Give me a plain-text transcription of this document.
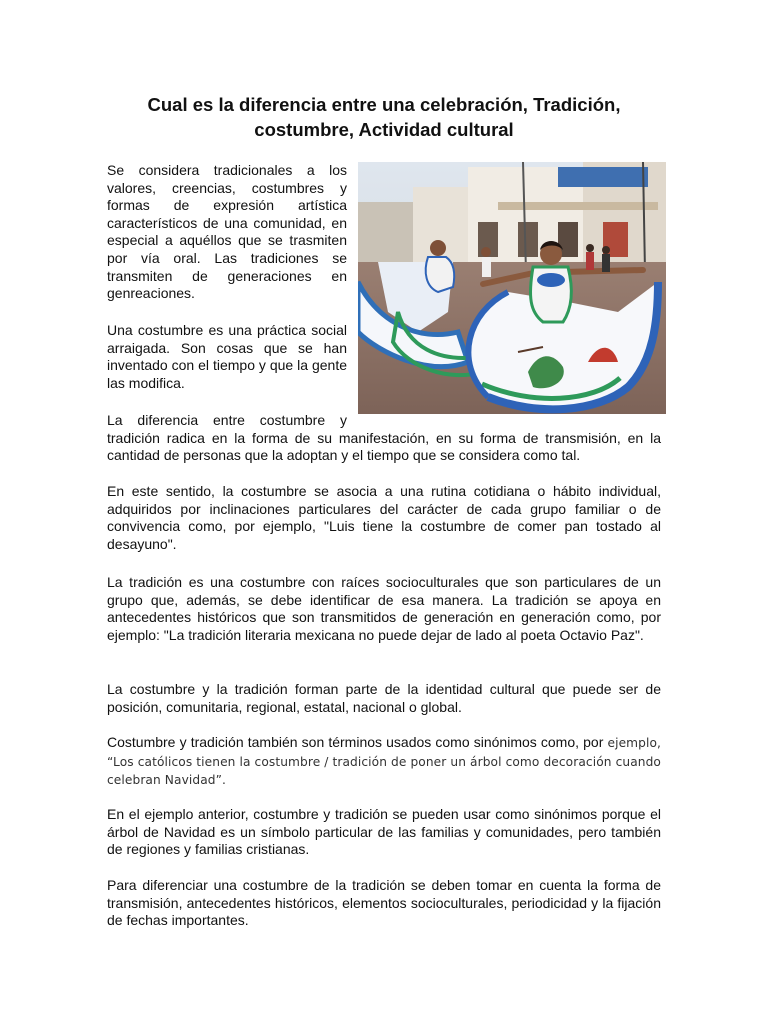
Cual es la diferencia entre una celebración, Tradición,
costumbre, Actividad cultural

Se considera tradicionales a los valores, creencias, costumbres y formas de expresión artística característicos de una comunidad, en especial a aquéllos que se trasmiten por vía oral. Las tradiciones se transmiten de generaciones en genreaciones.

Una costumbre es una práctica social arraigada. Son cosas que se han inventado con el tiempo y que la gente las modifica.

La diferencia entre costumbre y
tradición radica en la forma de su manifestación, en su forma de transmisión, en la cantidad de personas que la adoptan y el tiempo que se considera como tal.

En este sentido, la costumbre se asocia a una rutina cotidiana o hábito individual, adquiridos por inclinaciones particulares del carácter de cada grupo familiar o de convivencia como, por ejemplo, "Luis tiene la costumbre de comer pan tostado al desayuno".

La tradición es una costumbre con raíces socioculturales que son particulares de un grupo que, además, se debe identificar de esa manera. La tradición se apoya en antecedentes históricos que son transmitidos de generación en generación como, por ejemplo: "La tradición literaria mexicana no puede dejar de lado al poeta Octavio Paz".

La costumbre y la tradición forman parte de la identidad cultural que puede ser de posición, comunitaria, regional, estatal, nacional o global.

Costumbre y tradición también son términos usados como sinónimos como, por ejemplo, “Los católicos tienen la costumbre / tradición de poner un árbol como decoración cuando celebran Navidad”.

En el ejemplo anterior, costumbre y tradición se pueden usar como sinónimos porque el árbol de Navidad es un símbolo particular de las familias y comunidades, pero también de regiones y familias cristianas.

Para diferenciar una costumbre de la tradición se deben tomar en cuenta la forma de transmisión, antecedentes históricos, elementos socioculturales, periodicidad y la fijación de fechas importantes.
